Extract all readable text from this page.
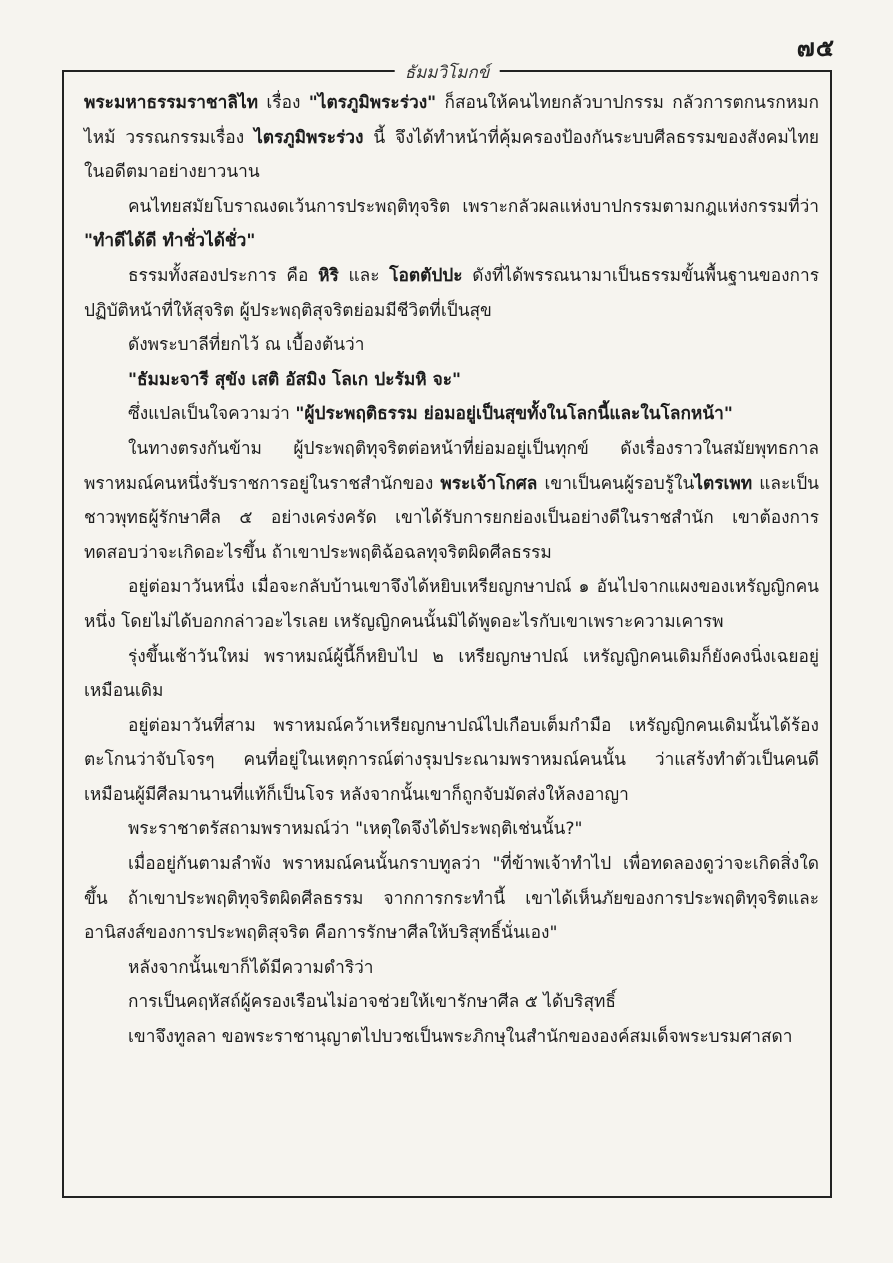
๗๕
ธัมมวิโมกข์

พระมหาธรรมราชาลิไท เรื่อง "ไตรภูมิพระร่วง" ก็สอนให้คนไทยกลัวบาปกรรม กลัวการตกนรกหมกไหม้ วรรณกรรมเรื่อง ไตรภูมิพระร่วง นี้ จึงได้ทำหน้าที่คุ้มครองป้องกันระบบศีลธรรมของสังคมไทยในอดีตมาอย่างยาวนาน

คนไทยสมัยโบราณงดเว้นการประพฤติทุจริต เพราะกลัวผลแห่งบาปกรรมตามกฎแห่งกรรมที่ว่า "ทำดีได้ดี ทำชั่วได้ชั่ว"

ธรรมทั้งสองประการ คือ หิริ และ โอตตัปปะ ดังที่ได้พรรณนามาเป็นธรรมขั้นพื้นฐานของการปฏิบัติหน้าที่ให้สุจริต ผู้ประพฤติสุจริตย่อมมีชีวิตที่เป็นสุข

ดังพระบาลีที่ยกไว้ ณ เบื้องต้นว่า

"ธัมมะจารี สุขัง เสติ อัสมิง โลเก ปะรัมหิ จะ"

ซึ่งแปลเป็นใจความว่า "ผู้ประพฤติธรรม ย่อมอยู่เป็นสุขทั้งในโลกนี้และในโลกหน้า"

ในทางตรงกันข้าม ผู้ประพฤติทุจริตต่อหน้าที่ย่อมอยู่เป็นทุกข์ ดังเรื่องราวในสมัยพุทธกาล พราหมณ์คนหนึ่งรับราชการอยู่ในราชสำนักของ พระเจ้าโกศล เขาเป็นคนผู้รอบรู้ในไตรเพท และเป็นชาวพุทธผู้รักษาศีล ๕ อย่างเคร่งครัด เขาได้รับการยกย่องเป็นอย่างดีในราชสำนัก เขาต้องการทดสอบว่าจะเกิดอะไรขึ้น ถ้าเขาประพฤติฉ้อฉลทุจริตผิดศีลธรรม

อยู่ต่อมาวันหนึ่ง เมื่อจะกลับบ้านเขาจึงได้หยิบเหรียญกษาปณ์ ๑ อันไปจากแผงของเหรัญญิกคนหนึ่ง โดยไม่ได้บอกกล่าวอะไรเลย เหรัญญิกคนนั้นมิได้พูดอะไรกับเขาเพราะความเคารพ

รุ่งขึ้นเช้าวันใหม่ พราหมณ์ผู้นี้ก็หยิบไป ๒ เหรียญกษาปณ์ เหรัญญิกคนเดิมก็ยังคงนิ่งเฉยอยู่เหมือนเดิม

อยู่ต่อมาวันที่สาม พราหมณ์คว้าเหรียญกษาปณ์ไปเกือบเต็มกำมือ เหรัญญิกคนเดิมนั้นได้ร้องตะโกนว่าจับโจรๆ คนที่อยู่ในเหตุการณ์ต่างรุมประณามพราหมณ์คนนั้น ว่าแสร้งทำตัวเป็นคนดีเหมือนผู้มีศีลมานานที่แท้ก็เป็นโจร หลังจากนั้นเขาก็ถูกจับมัดส่งให้ลงอาญา

พระราชาตรัสถามพราหมณ์ว่า "เหตุใดจึงได้ประพฤติเช่นนั้น?"

เมื่ออยู่กันตามลำพัง พราหมณ์คนนั้นกราบทูลว่า "ที่ข้าพเจ้าทำไป เพื่อทดลองดูว่าจะเกิดสิ่งใดขึ้น ถ้าเขาประพฤติทุจริตผิดศีลธรรม จากการกระทำนี้ เขาได้เห็นภัยของการประพฤติทุจริตและอานิสงส์ของการประพฤติสุจริต คือการรักษาศีลให้บริสุทธิ์นั่นเอง"

หลังจากนั้นเขาก็ได้มีความดำริว่า

การเป็นคฤหัสถ์ผู้ครองเรือนไม่อาจช่วยให้เขารักษาศีล ๕ ได้บริสุทธิ์

เขาจึงทูลลา ขอพระราชานุญาตไปบวชเป็นพระภิกษุในสำนักขององค์สมเด็จพระบรมศาสดา
